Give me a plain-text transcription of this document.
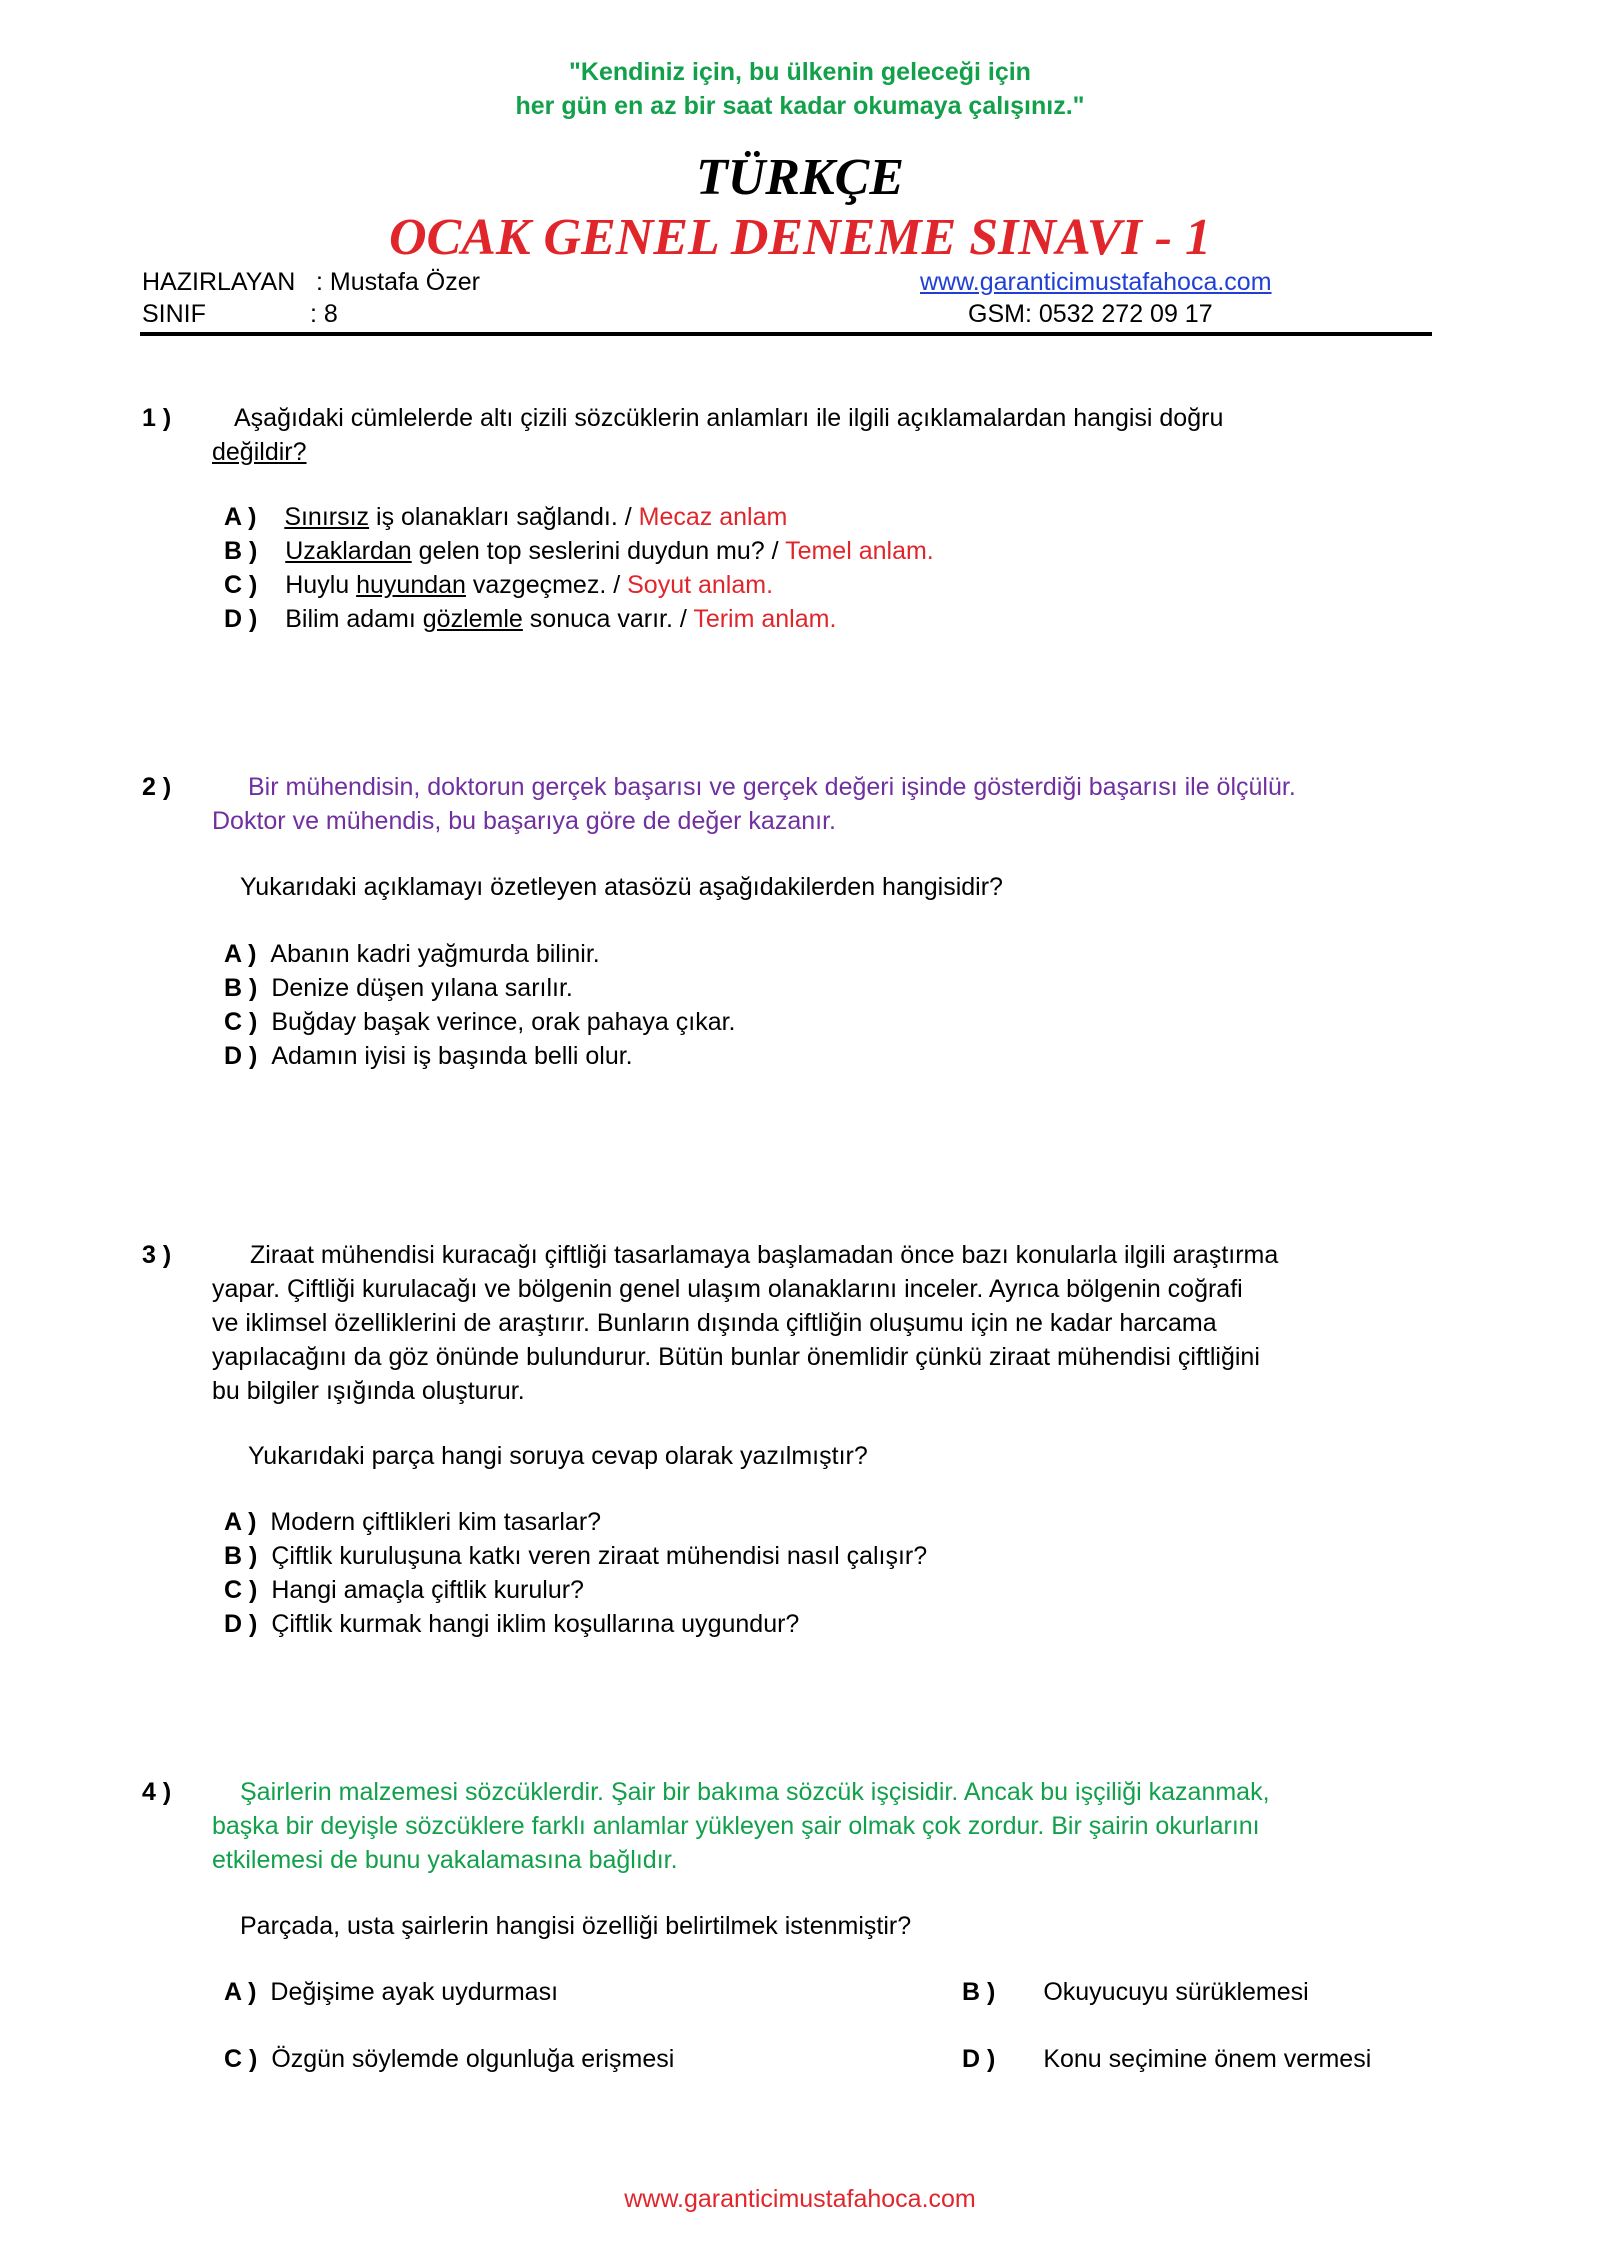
"Kendiniz için, bu ülkenin geleceği için
her gün en az bir saat kadar okumaya çalışınız."
TÜRKÇE
OCAK GENEL DENEME SINAVI - 1
HAZIRLAYAN : Mustafa Özer	www.garanticimustafahoca.com
SINIF	: 8	GSM: 0532 272 09 17
1 )	Aşağıdaki cümlelerde altı çizili sözcüklerin anlamları ile ilgili açıklamalardan hangisi doğru
değildir?
A ) Sınırsız iş olanakları sağlandı. / Mecaz anlam
B ) Uzaklardan gelen top seslerini duydun mu? / Temel anlam.
C ) Huylu huyundan vazgeçmez. / Soyut anlam.
D ) Bilim adamı gözlemle sonuca varır. / Terim anlam.
2 )	Bir mühendisin, doktorun gerçek başarısı ve gerçek değeri işinde gösterdiği başarısı ile ölçülür.
Doktor ve mühendis, bu başarıya göre de değer kazanır.
Yukarıdaki açıklamayı özetleyen atasözü aşağıdakilerden hangisidir?
A ) Abanın kadri yağmurda bilinir.
B ) Denize düşen yılana sarılır.
C ) Buğday başak verince, orak pahaya çıkar.
D ) Adamın iyisi iş başında belli olur.
3 )	Ziraat mühendisi kuracağı çiftliği tasarlamaya başlamadan önce bazı konularla ilgili araştırma
yapar. Çiftliği kurulacağı ve bölgenin genel ulaşım olanaklarını inceler. Ayrıca bölgenin coğrafi
ve iklimsel özelliklerini de araştırır. Bunların dışında çiftliğin oluşumu için ne kadar harcama
yapılacağını da göz önünde bulundurur. Bütün bunlar önemlidir çünkü ziraat mühendisi çiftliğini
bu bilgiler ışığında oluşturur.
Yukarıdaki parça hangi soruya cevap olarak yazılmıştır?
A ) Modern çiftlikleri kim tasarlar?
B ) Çiftlik kuruluşuna katkı veren ziraat mühendisi nasıl çalışır?
C ) Hangi amaçla çiftlik kurulur?
D ) Çiftlik kurmak hangi iklim koşullarına uygundur?
4 )	Şairlerin malzemesi sözcüklerdir. Şair bir bakıma sözcük işçisidir. Ancak bu işçiliği kazanmak,
başka bir deyişle sözcüklere farklı anlamlar yükleyen şair olmak çok zordur. Bir şairin okurlarını
etkilemesi de bunu yakalamasına bağlıdır.
Parçada, usta şairlerin hangisi özelliği belirtilmek istenmiştir?
A ) Değişime ayak uydurması	B ) Okuyucuyu sürüklemesi
C ) Özgün söylemde olgunluğa erişmesi	D ) Konu seçimine önem vermesi
www.garanticimustafahoca.com
